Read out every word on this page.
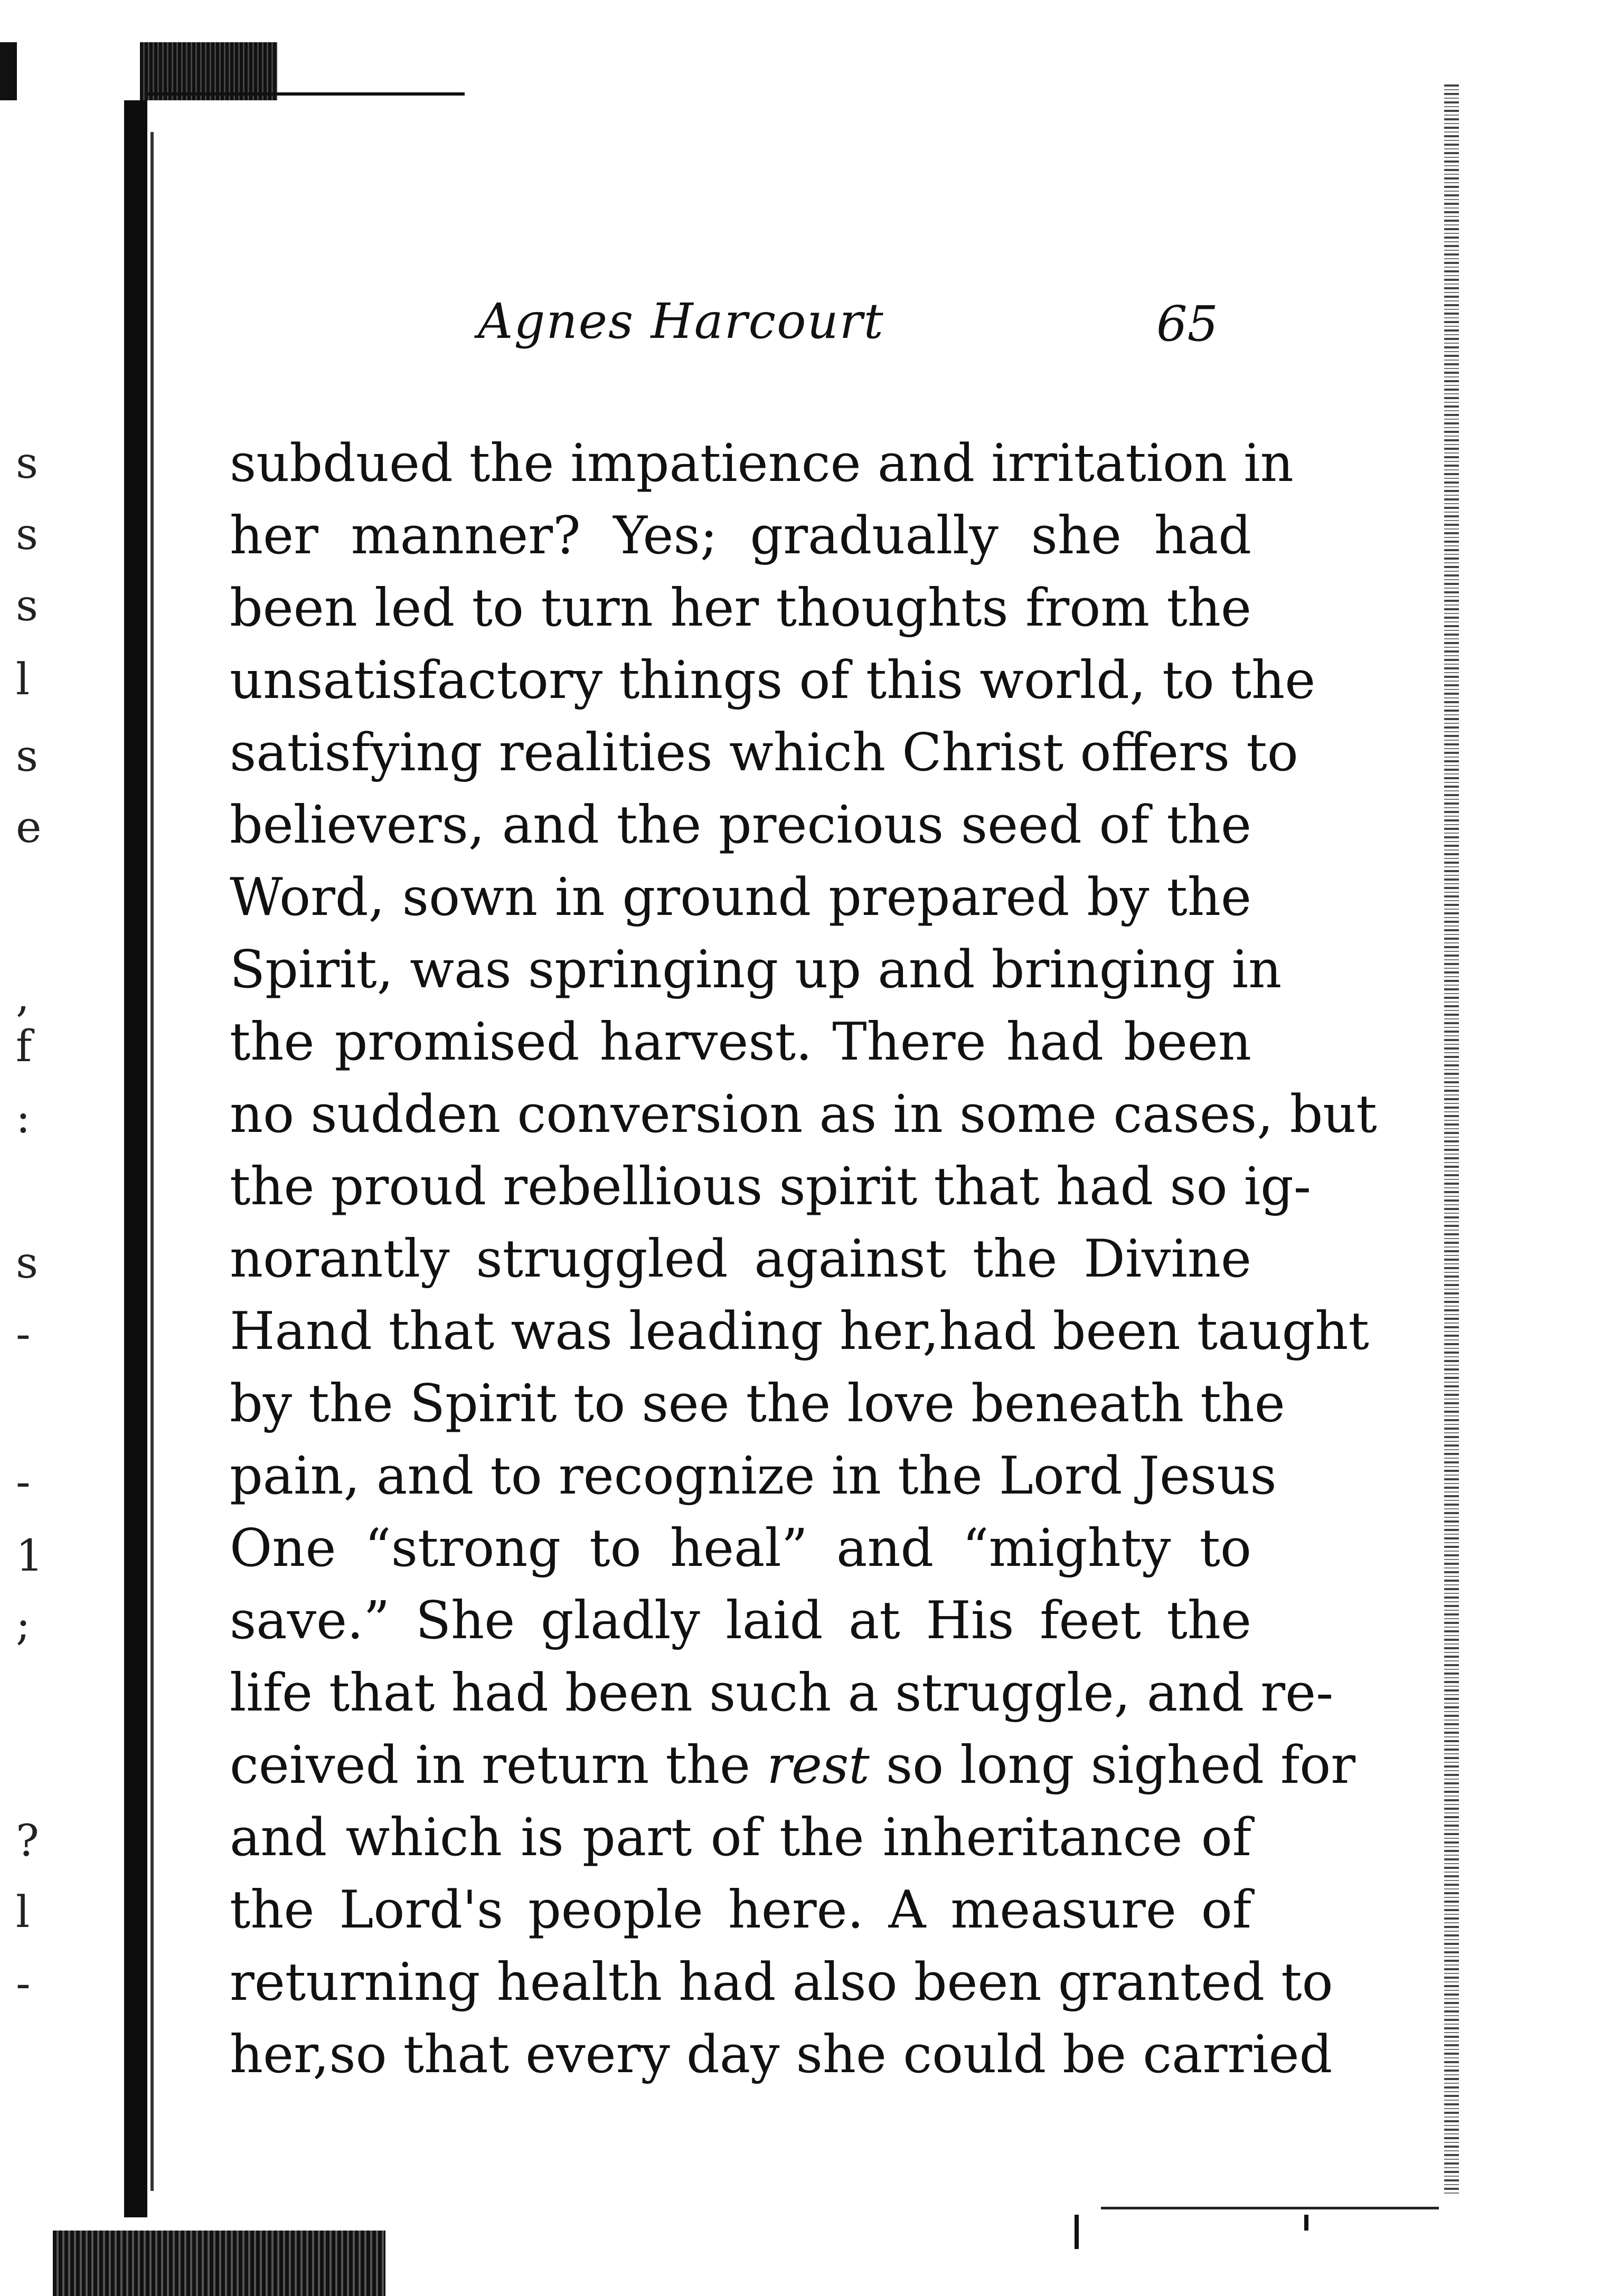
s
s
s
l
s
e
,
f
:
s
-
-
1
;
?
l
-
Agnes Harcourt	65
subdued the impatience and irritation in
her manner? Yes; gradually she had
been led to turn her thoughts from the
unsatisfactory things of this world, to the
satisfying realities which Christ offers to
believers, and the precious seed of the
Word, sown in ground prepared by the
Spirit, was springing up and bringing in
the promised harvest. There had been
no sudden conversion as in some cases, but
the proud rebellious spirit that had so ig-
norantly struggled against the Divine
Hand that was leading her,had been taught
by the Spirit to see the love beneath the
pain, and to recognize in the Lord Jesus
One “strong to heal” and “mighty to
save.” She gladly laid at His feet the
life that had been such a struggle, and re-
ceived in return the rest so long sighed for
and which is part of the inheritance of
the Lord's people here. A measure of
returning health had also been granted to
her,so that every day she could be carried
